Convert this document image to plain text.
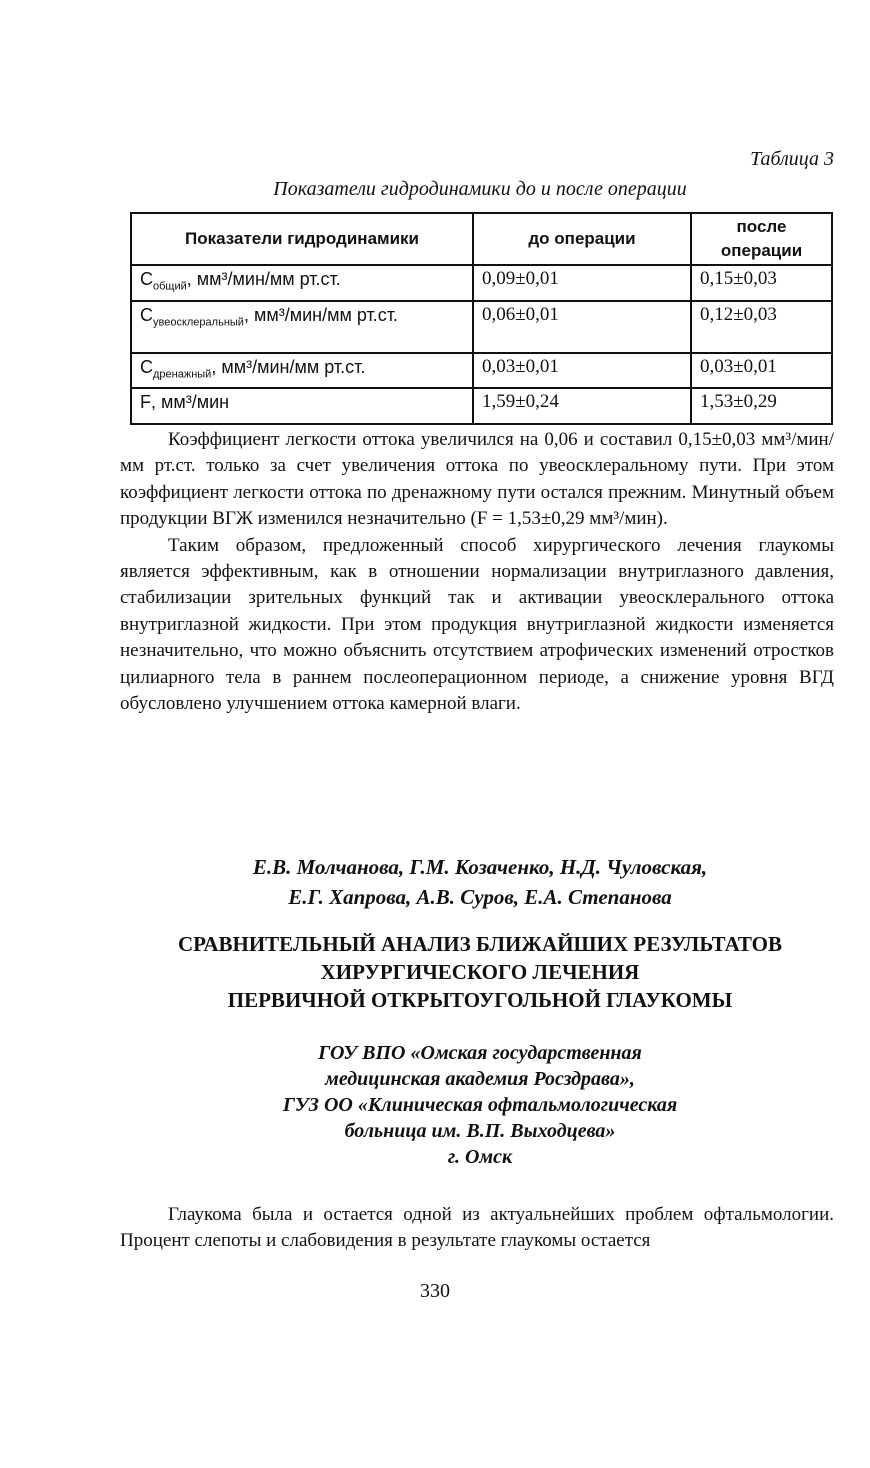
Таблица 3
Показатели гидродинамики до и после операции
Показатели гидродинамики	до операции	после операции
$C_{общий}$, мм³/мин/мм рт.ст.	0,09±0,01	0,15±0,03
$C_{увеосклеральный}$, мм³/мин/мм рт.ст.	0,06±0,01	0,12±0,03
$C_{дренажный}$, мм³/мин/мм рт.ст.	0,03±0,01	0,03±0,01
F, мм³/мин	1,59±0,24	1,53±0,29

Коэффициент легкости оттока увеличился на 0,06 и составил 0,15±0,03 мм³/мин/мм рт.ст. только за счет увеличения оттока по увеосклеральному пути. При этом коэффициент легкости оттока по дренажному пути остался прежним. Минутный объем продукции ВГЖ изменился незначительно (F = 1,53±0,29 мм³/мин).

Таким образом, предложенный способ хирургического лечения глаукомы является эффективным, как в отношении нормализации внутриглазного давления, стабилизации зрительных функций так и активации увеосклерального оттока внутриглазной жидкости. При этом продукция внутриглазной жидкости изменяется незначительно, что можно объяснить отсутствием атрофических изменений отростков цилиарного тела в раннем послеоперационном периоде, а снижение уровня ВГД обусловлено улучшением оттока камерной влаги.

Е.В. Молчанова, Г.М. Козаченко, Н.Д. Чуловская,
Е.Г. Хапрова, А.В. Суров, Е.А. Степанова
СРАВНИТЕЛЬНЫЙ АНАЛИЗ БЛИЖАЙШИХ РЕЗУЛЬТАТОВ
ХИРУРГИЧЕСКОГО ЛЕЧЕНИЯ
ПЕРВИЧНОЙ ОТКРЫТОУГОЛЬНОЙ ГЛАУКОМЫ
ГОУ ВПО «Омская государственная
медицинская академия Росздрава»,
ГУЗ ОО «Клиническая офтальмологическая
больница им. В.П. Выходцева»
г. Омск

Глаукома была и остается одной из актуальнейших проблем офтальмологии. Процент слепоты и слабовидения в результате глаукомы остается

330
